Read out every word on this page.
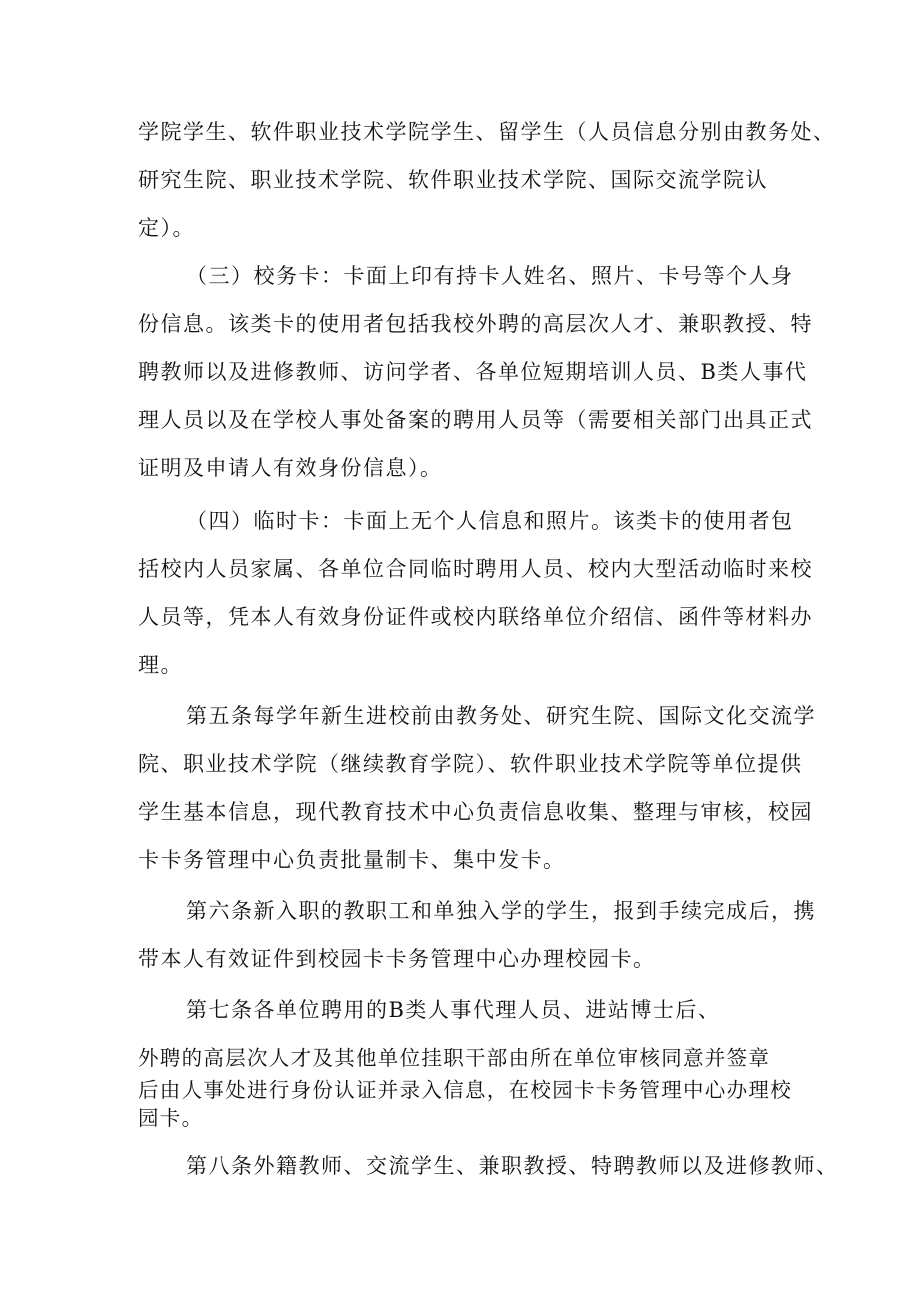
学院学生、软件职业技术学院学生、留学生（人员信息分别由教务处、
研究生院、职业技术学院、软件职业技术学院、国际交流学院认
定）。
（三）校务卡：卡面上印有持卡人姓名、照片、卡号等个人身
份信息。该类卡的使用者包括我校外聘的高层次人才、兼职教授、特
聘教师以及进修教师、访问学者、各单位短期培训人员、B类人事代
理人员以及在学校人事处备案的聘用人员等（需要相关部门出具正式
证明及申请人有效身份信息）。
（四）临时卡：卡面上无个人信息和照片。该类卡的使用者包
括校内人员家属、各单位合同临时聘用人员、校内大型活动临时来校
人员等，凭本人有效身份证件或校内联络单位介绍信、函件等材料办
理。
第五条每学年新生进校前由教务处、研究生院、国际文化交流学
院、职业技术学院（继续教育学院）、软件职业技术学院等单位提供
学生基本信息，现代教育技术中心负责信息收集、整理与审核，校园
卡卡务管理中心负责批量制卡、集中发卡。
第六条新入职的教职工和单独入学的学生，报到手续完成后，携
带本人有效证件到校园卡卡务管理中心办理校园卡。
第七条各单位聘用的B类人事代理人员、进站博士后、
外聘的高层次人才及其他单位挂职干部由所在单位审核同意并签章
后由人事处进行身份认证并录入信息，在校园卡卡务管理中心办理校
园卡。
第八条外籍教师、交流学生、兼职教授、特聘教师以及进修教师、
